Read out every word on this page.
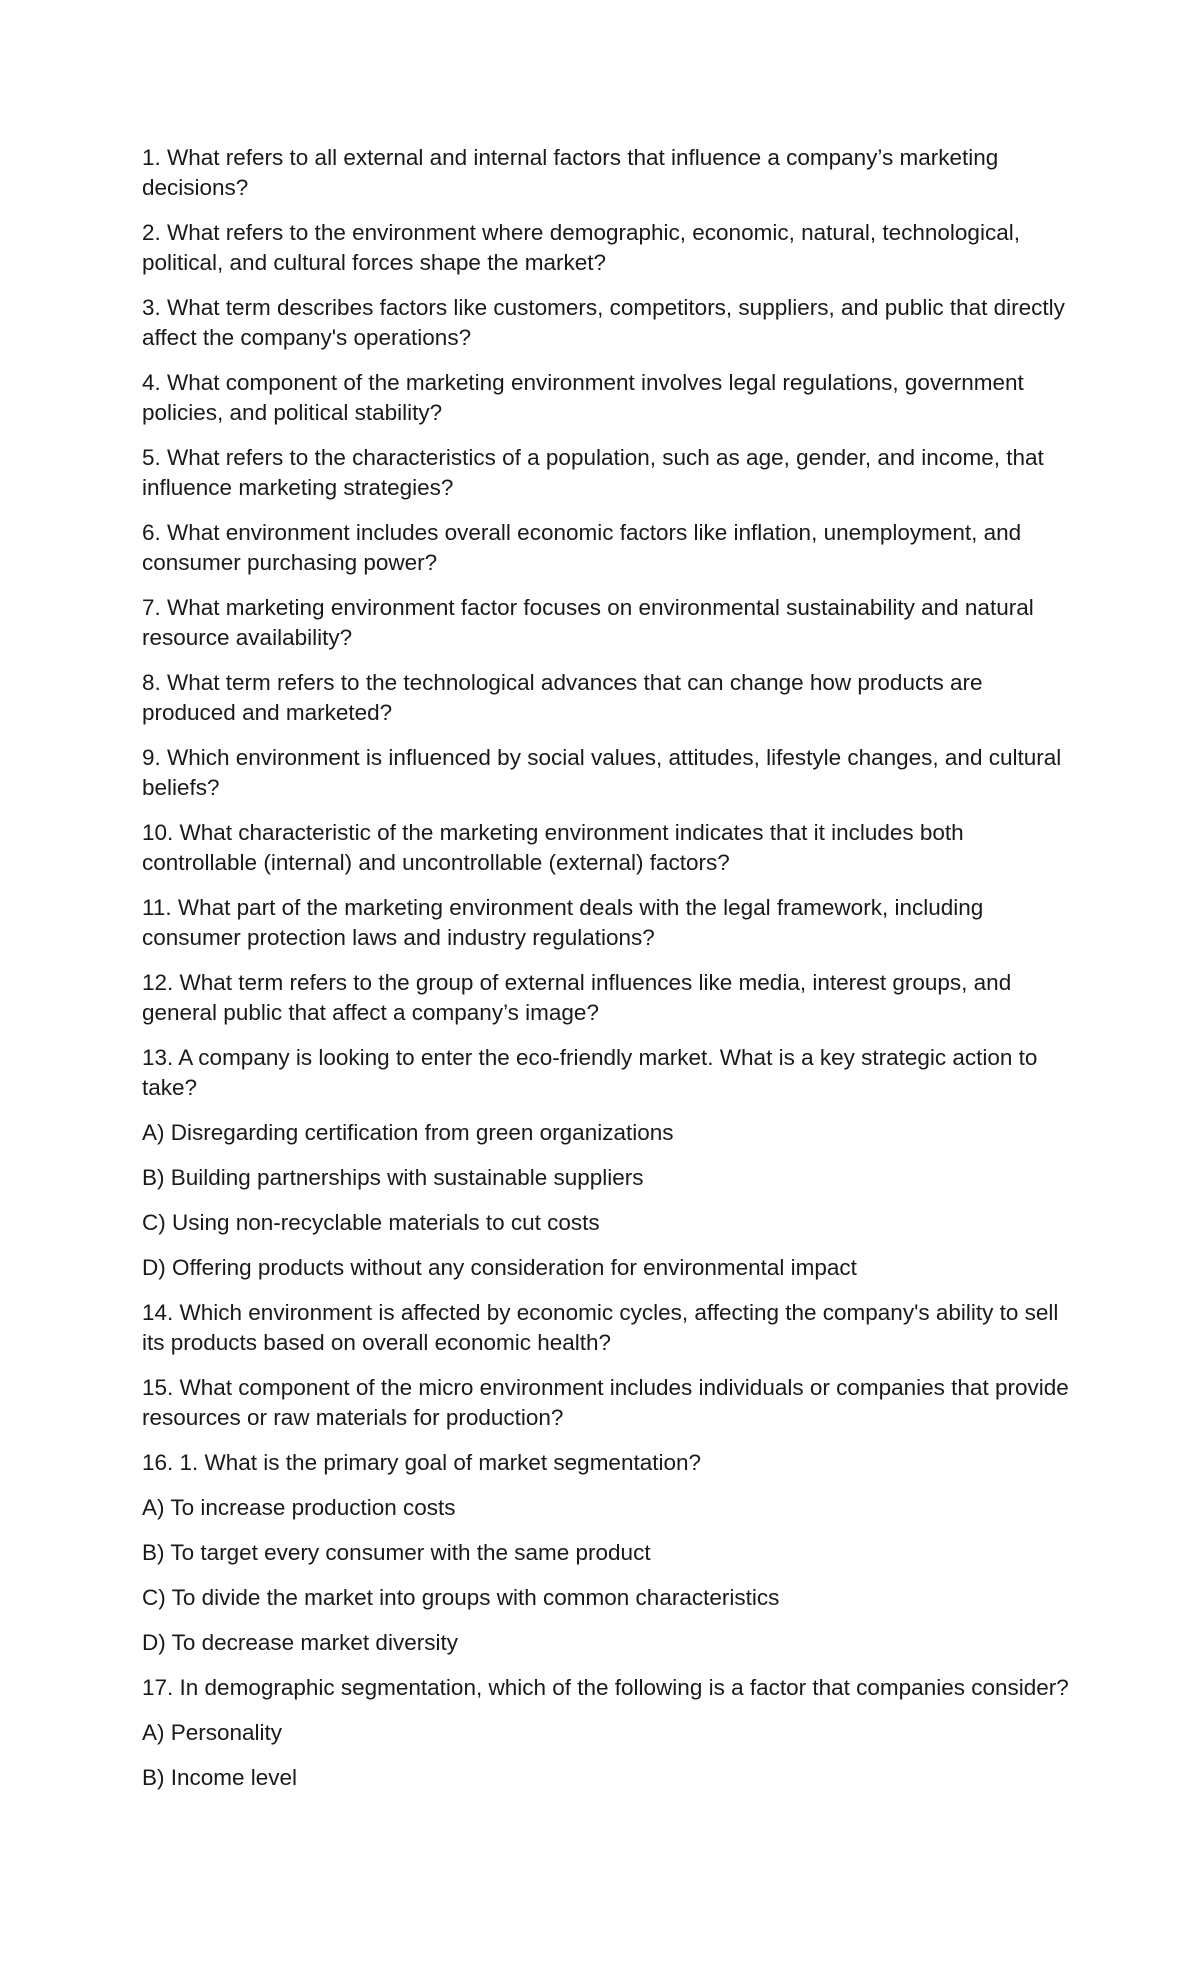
1. What refers to all external and internal factors that influence a company’s marketing decisions?

2. What refers to the environment where demographic, economic, natural, technological, political, and cultural forces shape the market?

3. What term describes factors like customers, competitors, suppliers, and public that directly affect the company's operations?

4. What component of the marketing environment involves legal regulations, government policies, and political stability?

5. What refers to the characteristics of a population, such as age, gender, and income, that influence marketing strategies?

6. What environment includes overall economic factors like inflation, unemployment, and consumer purchasing power?

7. What marketing environment factor focuses on environmental sustainability and natural resource availability?

8. What term refers to the technological advances that can change how products are produced and marketed?

9. Which environment is influenced by social values, attitudes, lifestyle changes, and cultural beliefs?

10. What characteristic of the marketing environment indicates that it includes both controllable (internal) and uncontrollable (external) factors?

11. What part of the marketing environment deals with the legal framework, including consumer protection laws and industry regulations?

12. What term refers to the group of external influences like media, interest groups, and general public that affect a company’s image?

13. A company is looking to enter the eco-friendly market. What is a key strategic action to take?

A) Disregarding certification from green organizations

B) Building partnerships with sustainable suppliers

C) Using non-recyclable materials to cut costs

D) Offering products without any consideration for environmental impact

14. Which environment is affected by economic cycles, affecting the company's ability to sell its products based on overall economic health?

15. What component of the micro environment includes individuals or companies that provide resources or raw materials for production?

16. 1. What is the primary goal of market segmentation?

A) To increase production costs

B) To target every consumer with the same product

C) To divide the market into groups with common characteristics

D) To decrease market diversity

17. In demographic segmentation, which of the following is a factor that companies consider?

A) Personality

B) Income level
